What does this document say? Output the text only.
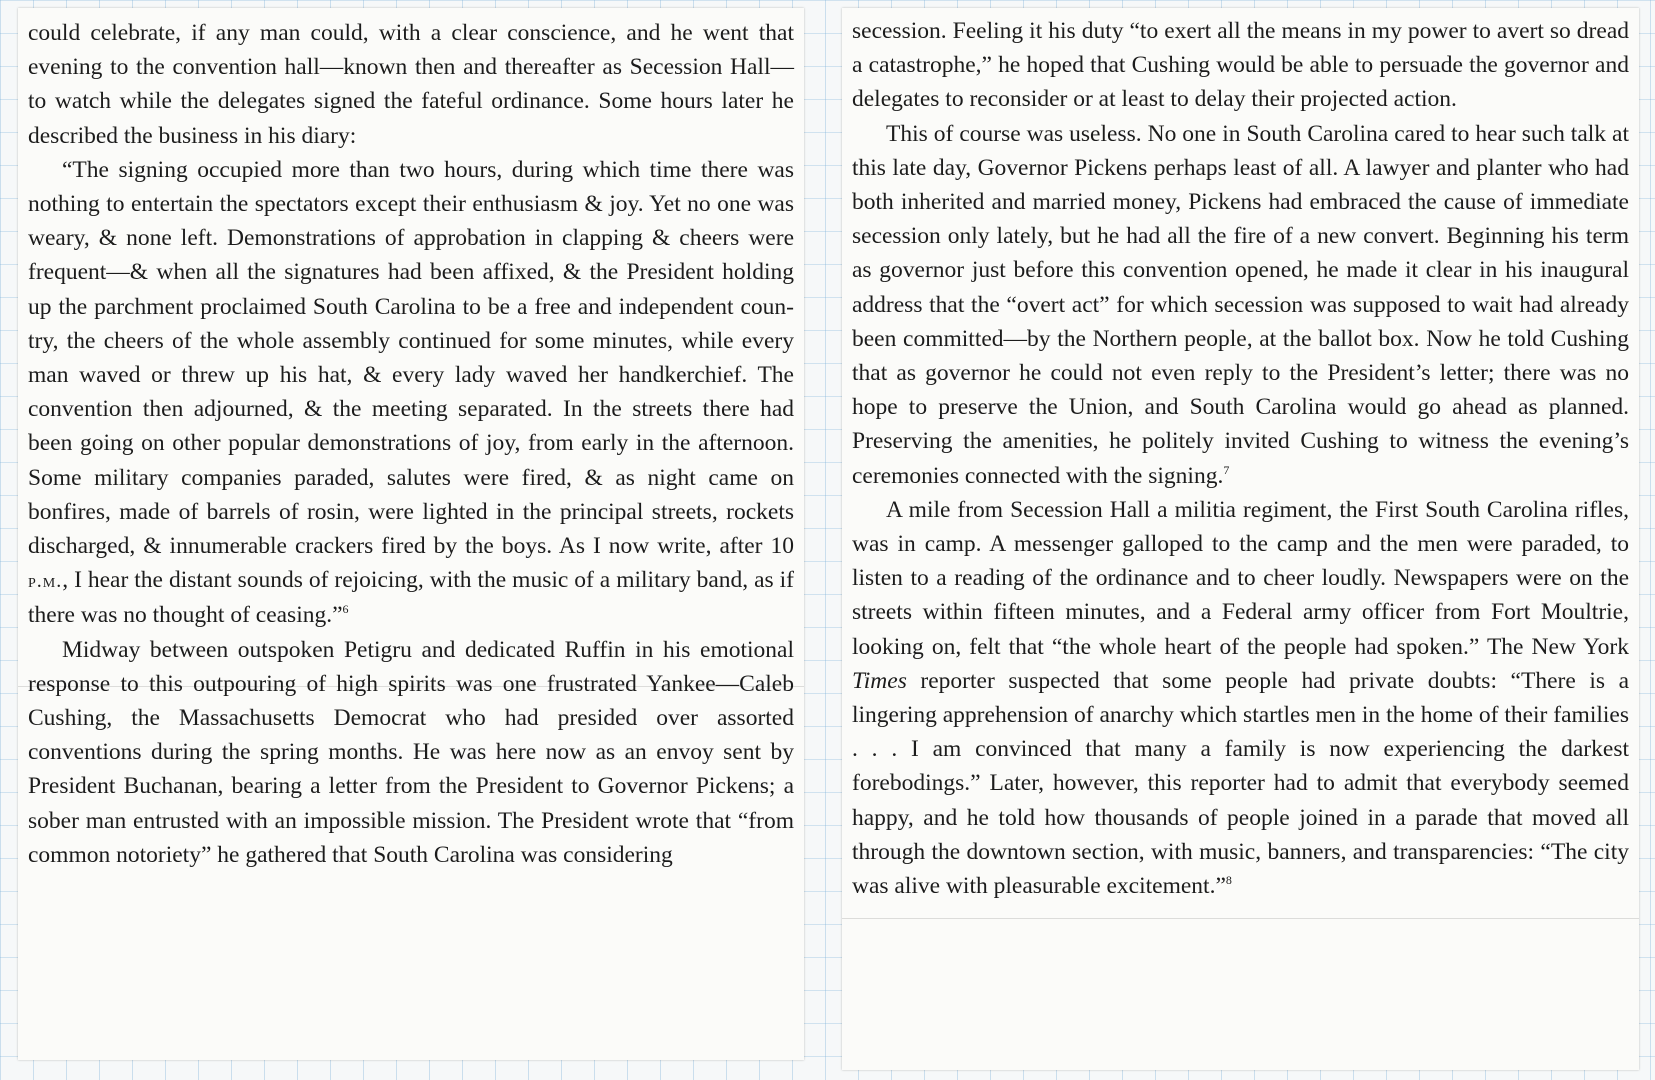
could celebrate, if any man could, with a clear conscience, and he went that evening to the convention hall—known then and thereafter as Secession Hall—to watch while the delegates signed the fateful ordinance. Some hours later he described the business in his diary:

“The signing occupied more than two hours, during which time there was nothing to entertain the spectators except their enthusiasm & joy. Yet no one was weary, & none left. Demonstrations of approbation in clapping & cheers were frequent—& when all the signatures had been affixed, & the President holding up the parchment proclaimed South Carolina to be a free and independent country, the cheers of the whole assembly continued for some minutes, while every man waved or threw up his hat, & every lady waved her handkerchief. The convention then adjourned, & the meeting separated. In the streets there had been going on other popular demonstrations of joy, from early in the afternoon. Some military companies paraded, salutes were fired, & as night came on bonfires, made of barrels of rosin, were lighted in the principal streets, rockets discharged, & innumerable crackers fired by the boys. As I now write, after 10 p.m., I hear the distant sounds of rejoicing, with the music of a military band, as if there was no thought of ceasing.”$^6$

Midway between outspoken Petigru and dedicated Ruffin in his emotional response to this outpouring of high spirits was one frustrated Yankee—Caleb Cushing, the Massachusetts Democrat who had presided over assorted conventions during the spring months. He was here now as an envoy sent by President Buchanan, bearing a letter from the President to Governor Pickens; a sober man entrusted with an impossible mission. The President wrote that “from common notoriety” he gathered that South Carolina was considering

secession. Feeling it his duty “to exert all the means in my power to avert so dread a catastrophe,” he hoped that Cushing would be able to persuade the governor and delegates to reconsider or at least to delay their projected action.

This of course was useless. No one in South Carolina cared to hear such talk at this late day, Governor Pickens perhaps least of all. A lawyer and planter who had both inherited and married money, Pickens had embraced the cause of immediate secession only lately, but he had all the fire of a new convert. Beginning his term as governor just before this convention opened, he made it clear in his inaugural address that the “overt act” for which secession was supposed to wait had already been committed—by the Northern people, at the ballot box. Now he told Cushing that as governor he could not even reply to the President’s letter; there was no hope to preserve the Union, and South Carolina would go ahead as planned. Preserving the amenities, he politely invited Cushing to witness the evening’s ceremonies connected with the signing.$^7$

A mile from Secession Hall a militia regiment, the First South Carolina rifles, was in camp. A messenger galloped to the camp and the men were paraded, to listen to a reading of the ordinance and to cheer loudly. Newspapers were on the streets within fifteen minutes, and a Federal army officer from Fort Moultrie, looking on, felt that “the whole heart of the people had spoken.” The New York Times reporter suspected that some people had private doubts: “There is a lingering apprehension of anarchy which startles men in the home of their families . . . I am convinced that many a family is now experiencing the darkest forebodings.” Later, however, this reporter had to admit that everybody seemed happy, and he told how thousands of people joined in a parade that moved all through the downtown section, with music, banners, and transparencies: “The city was alive with pleasurable excitement.”$^8$
